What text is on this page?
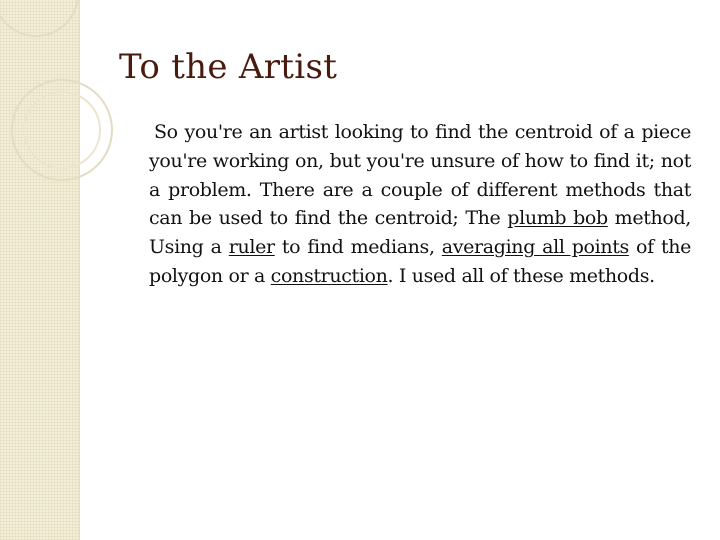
To the Artist

So you're an artist looking to find the centroid of a piece you're working on, but you're unsure of how to find it; not a problem. There are a couple of different methods that can be used to find the centroid; The plumb bob method, Using a ruler to find medians, averaging all points of the polygon or a construction. I used all of these methods.
